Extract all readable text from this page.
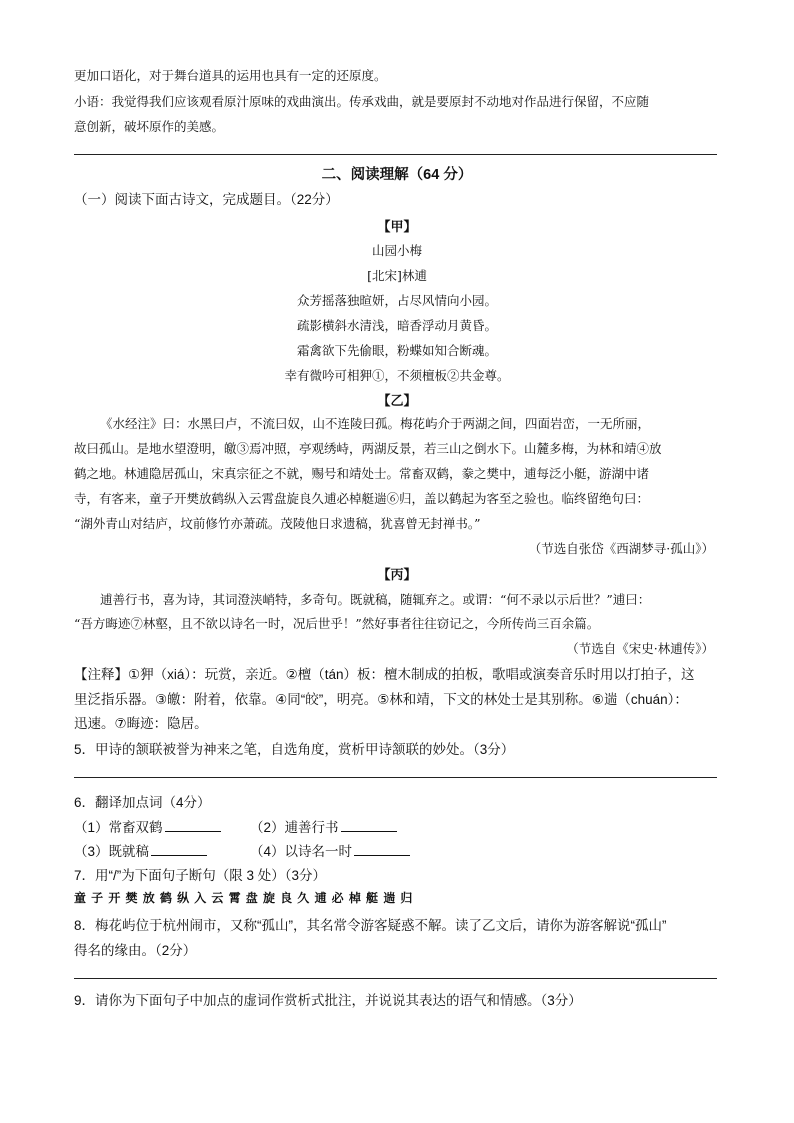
更加口语化，对于舞台道具的运用也具有一定的还原度。
小语：我觉得我们应该观看原汁原味的戏曲演出。传承戏曲，就是要原封不动地对作品进行保留，不应随
意创新，破坏原作的美感。
二、阅读理解（64 分）
（一）阅读下面古诗文，完成题目。（22分）
【甲】
山园小梅
[北宋]林逋
众芳摇落独暄妍，占尽风情向小园。
疏影横斜水清浅，暗香浮动月黄昏。
霜禽欲下先偷眼，粉蝶如知合断魂。
幸有微吟可相狎①，不须檀板②共金尊。
【乙】
《水经注》曰：水黑曰卢，不流曰奴，山不连陵曰孤。梅花屿介于两湖之间，四面岩峦，一无所丽，
故曰孤山。是地水望澄明，皦③焉冲照，亭观绣峙，两湖反景，若三山之倒水下。山麓多梅，为林和靖④放
鹤之地。林逋隐居孤山，宋真宗征之不就，赐号和靖处士。常畜双鹤，豢之樊中，逋每泛小艇，游湖中诸
寺，有客来，童子开樊放鹤纵入云霄盘旋良久逋必棹艇遄⑥归，盖以鹤起为客至之验也。临终留绝句曰：
“湖外青山对结庐，坟前修竹亦萧疏。茂陵他日求遗稿，犹喜曾无封禅书。”
（节选自张岱《西湖梦寻·孤山》）
【丙】
逋善行书，喜为诗，其词澄浃峭特，多奇句。既就稿，随辄弃之。或谓：“何不录以示后世？”逋曰：
“吾方晦迹⑦林壑，且不欲以诗名一时，况后世乎！”然好事者往往窃记之，今所传尚三百余篇。
（节选自《宋史·林逋传》）
【注释】①狎（xiá）：玩赏，亲近。②檀（tán）板：檀木制成的拍板，歌唱或演奏音乐时用以打拍子，这
里泛指乐器。③皦：附着，依靠。④同“皎”，明亮。⑤林和靖，下文的林处士是其别称。⑥遄（chuán）：
迅速。⑦晦迹：隐居。
5．甲诗的颔联被誉为神来之笔，自选角度，赏析甲诗颔联的妙处。（3分）
6．翻译加点词（4分）
（1）常畜双鹤	（2）逋善行书
（3）既就稿	（4）以诗名一时
7．用“/”为下面句子断句（限 3 处）（3分）
童 子 开 樊 放 鹤 纵 入 云 霄 盘 旋 良 久 逋 必 棹 艇 遄 归
8．梅花屿位于杭州闹市，又称“孤山”，其名常令游客疑惑不解。读了乙文后，请你为游客解说“孤山”
得名的缘由。（2分）
9．请你为下面句子中加点的虚词作赏析式批注，并说说其表达的语气和情感。（3分）
